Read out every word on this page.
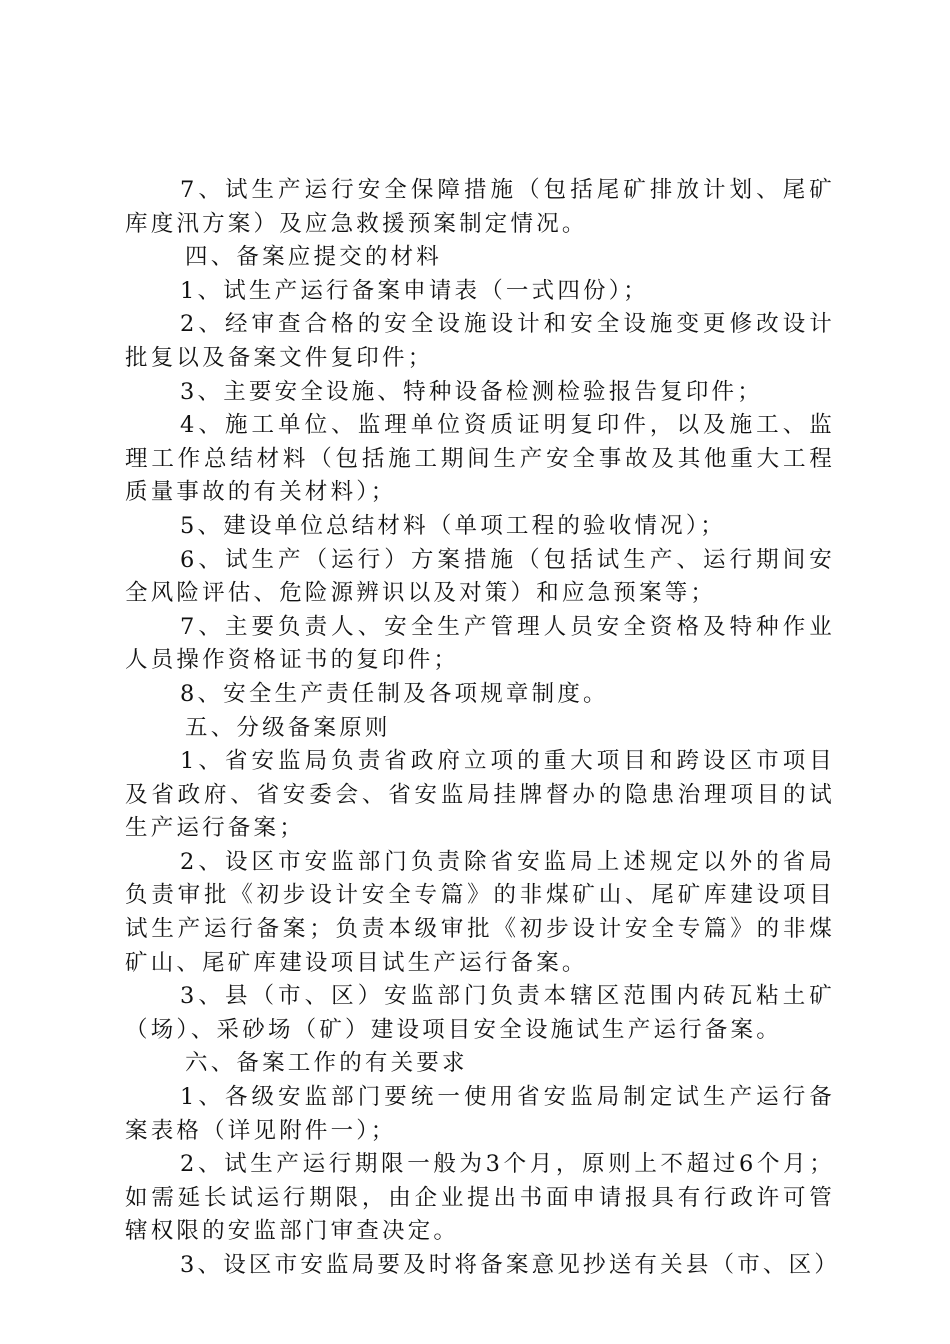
7、试生产运行安全保障措施（包括尾矿排放计划、尾矿库度汛方案）及应急救援预案制定情况。

四、备案应提交的材料

1、试生产运行备案申请表（一式四份）；

2、经审查合格的安全设施设计和安全设施变更修改设计批复以及备案文件复印件；

3、主要安全设施、特种设备检测检验报告复印件；

4、施工单位、监理单位资质证明复印件，以及施工、监理工作总结材料（包括施工期间生产安全事故及其他重大工程质量事故的有关材料）；

5、建设单位总结材料（单项工程的验收情况）；

6、试生产（运行）方案措施（包括试生产、运行期间安全风险评估、危险源辨识以及对策）和应急预案等；

7、主要负责人、安全生产管理人员安全资格及特种作业人员操作资格证书的复印件；

8、安全生产责任制及各项规章制度。

五、分级备案原则

1、省安监局负责省政府立项的重大项目和跨设区市项目及省政府、省安委会、省安监局挂牌督办的隐患治理项目的试生产运行备案；

2、设区市安监部门负责除省安监局上述规定以外的省局负责审批《初步设计安全专篇》的非煤矿山、尾矿库建设项目试生产运行备案；负责本级审批《初步设计安全专篇》的非煤矿山、尾矿库建设项目试生产运行备案。

3、县（市、区）安监部门负责本辖区范围内砖瓦粘土矿（场）、采砂场（矿）建设项目安全设施试生产运行备案。

六、备案工作的有关要求

1、各级安监部门要统一使用省安监局制定试生产运行备案表格（详见附件一）；

2、试生产运行期限一般为3个月，原则上不超过6个月；如需延长试运行期限，由企业提出书面申请报具有行政许可管辖权限的安监部门审查决定。

3、设区市安监局要及时将备案意见抄送有关县（市、区）
